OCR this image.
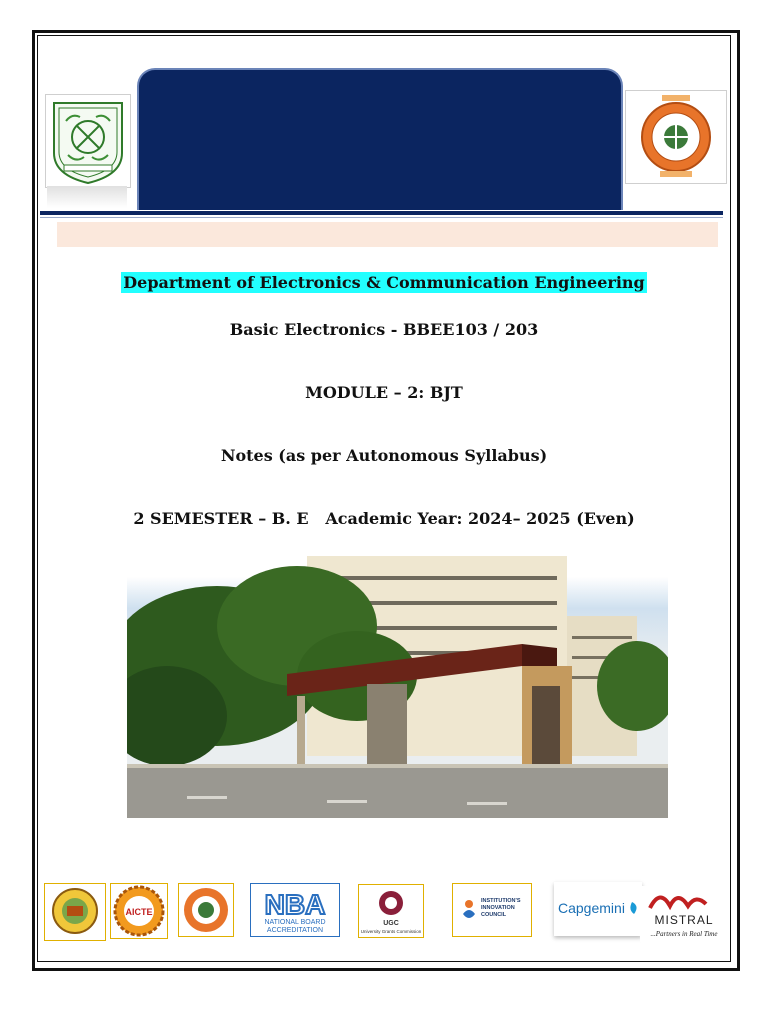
Department of Electronics & Communication Engineering
Basic Electronics - BBEE103 / 203
MODULE – 2: BJT
Notes (as per Autonomous Syllabus)
2 SEMESTER – B. E   Academic Year: 2024– 2025 (Even)
AICTE	NBA
NATIONAL BOARD
ACCREDITATION
UGC
University Grants Commission
INSTITUTION'S
INNOVATION
COUNCIL	Capgemini
MISTRAL
...Partners in Real Time
